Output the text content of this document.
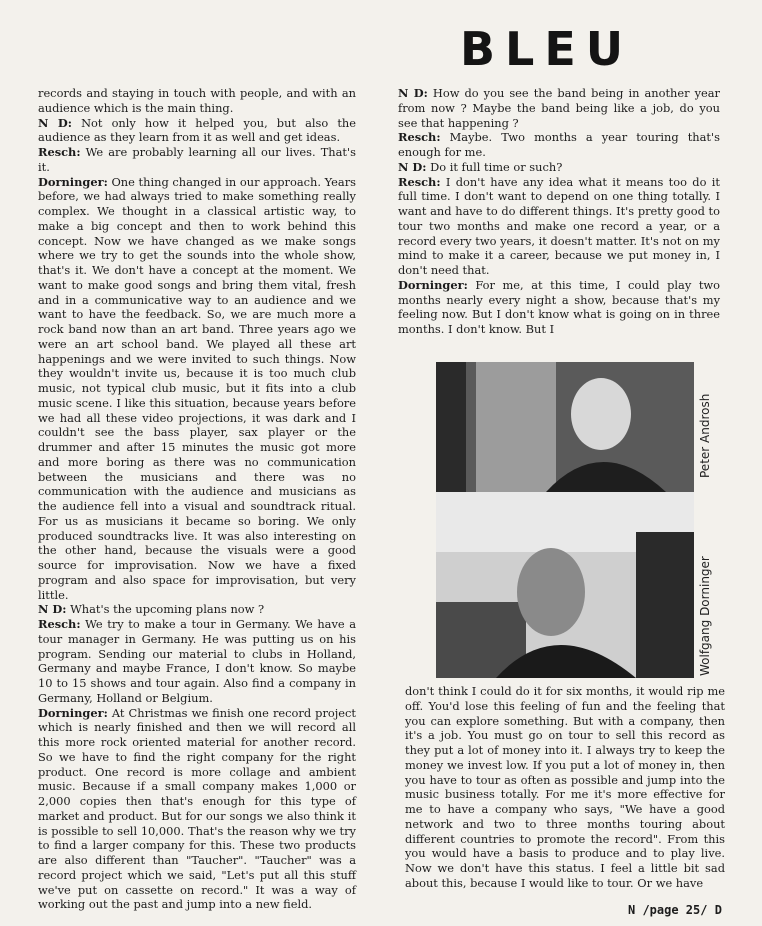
BLEU

records and staying in touch with people, and with an audience which is the main thing.

N D: Not only how it helped you, but also the audience as they learn from it as well and get ideas.

Resch: We are probably learning all our lives. That's it.

Dorninger: One thing changed in our approach. Years before, we had always tried to make something really complex. We thought in a classical artistic way, to make a big concept and then to work behind this concept. Now we have changed as we make songs where we try to get the sounds into the whole show, that's it. We don't have a concept at the moment. We want to make good songs and bring them vital, fresh and in a communicative way to an audience and we want to have the feedback. So, we are much more a rock band now than an art band. Three years ago we were an art school band. We played all these art happenings and we were invited to such things. Now they wouldn't invite us, because it is too much club music, not typical club music, but it fits into a club music scene. I like this situation, because years before we had all these video projections, it was dark and I couldn't see the bass player, sax player or the drummer and after 15 minutes the music got more and more boring as there was no communication between the musicians and there was no communication with the audience and musicians as the audience fell into a visual and soundtrack ritual. For us as musicians it became so boring. We only produced soundtracks live. It was also interesting on the other hand, because the visuals were a good source for improvisation. Now we have a fixed program and also space for improvisation, but very little.

N D: What's the upcoming plans now ?

Resch: We try to make a tour in Germany. We have a tour manager in Germany. He was putting us on his program. Sending our material to clubs in Holland, Germany and maybe France, I don't know. So maybe 10 to 15 shows and tour again. Also find a company in Germany, Holland or Belgium.

Dorninger: At Christmas we finish one record project which is nearly finished and then we will record all this more rock oriented material for another record. So we have to find the right company for the right product. One record is more collage and ambient music. Because if a small company makes 1,000 or 2,000 copies then that's enough for this type of market and product. But for our songs we also think it is possible to sell 10,000. That's the reason why we try to find a larger company for this. These two products are also different than "Taucher". "Taucher" was a record project which we said, "Let's put all this stuff we've put on cassette on record." It was a way of working out the past and jump into a new field.

N D: How do you see the band being in another year from now ? Maybe the band being like a job, do you see that happening ?

Resch: Maybe. Two months a year touring that's enough for me.

N D: Do it full time or such?

Resch: I don't have any idea what it means too do it full time. I don't want to depend on one thing totally. I want and have to do different things. It's pretty good to tour two months and make one record a year, or a record every two years, it doesn't matter. It's not on my mind to make it a career, because we put money in, I don't need that.

Dorninger: For me, at this time, I could play two months nearly every night a show, because that's my feeling now. But I don't know what is going on in three months. I don't know. But I

Peter Androsh
Wolfgang Dorninger

don't think I could do it for six months, it would rip me off. You'd lose this feeling of fun and the feeling that you can explore something. But with a company, then it's a job. You must go on tour to sell this record as they put a lot of money into it. I always try to keep the money we invest low. If you put a lot of money in, then you have to tour as often as possible and jump into the music business totally. For me it's more effective for me to have a company who says, "We have a good network and two to three months touring about different countries to promote the record". From this you would have a basis to produce and to play live. Now we don't have this status. I feel a little bit sad about this, because I would like to tour. Or we have

N /page 25/ D
